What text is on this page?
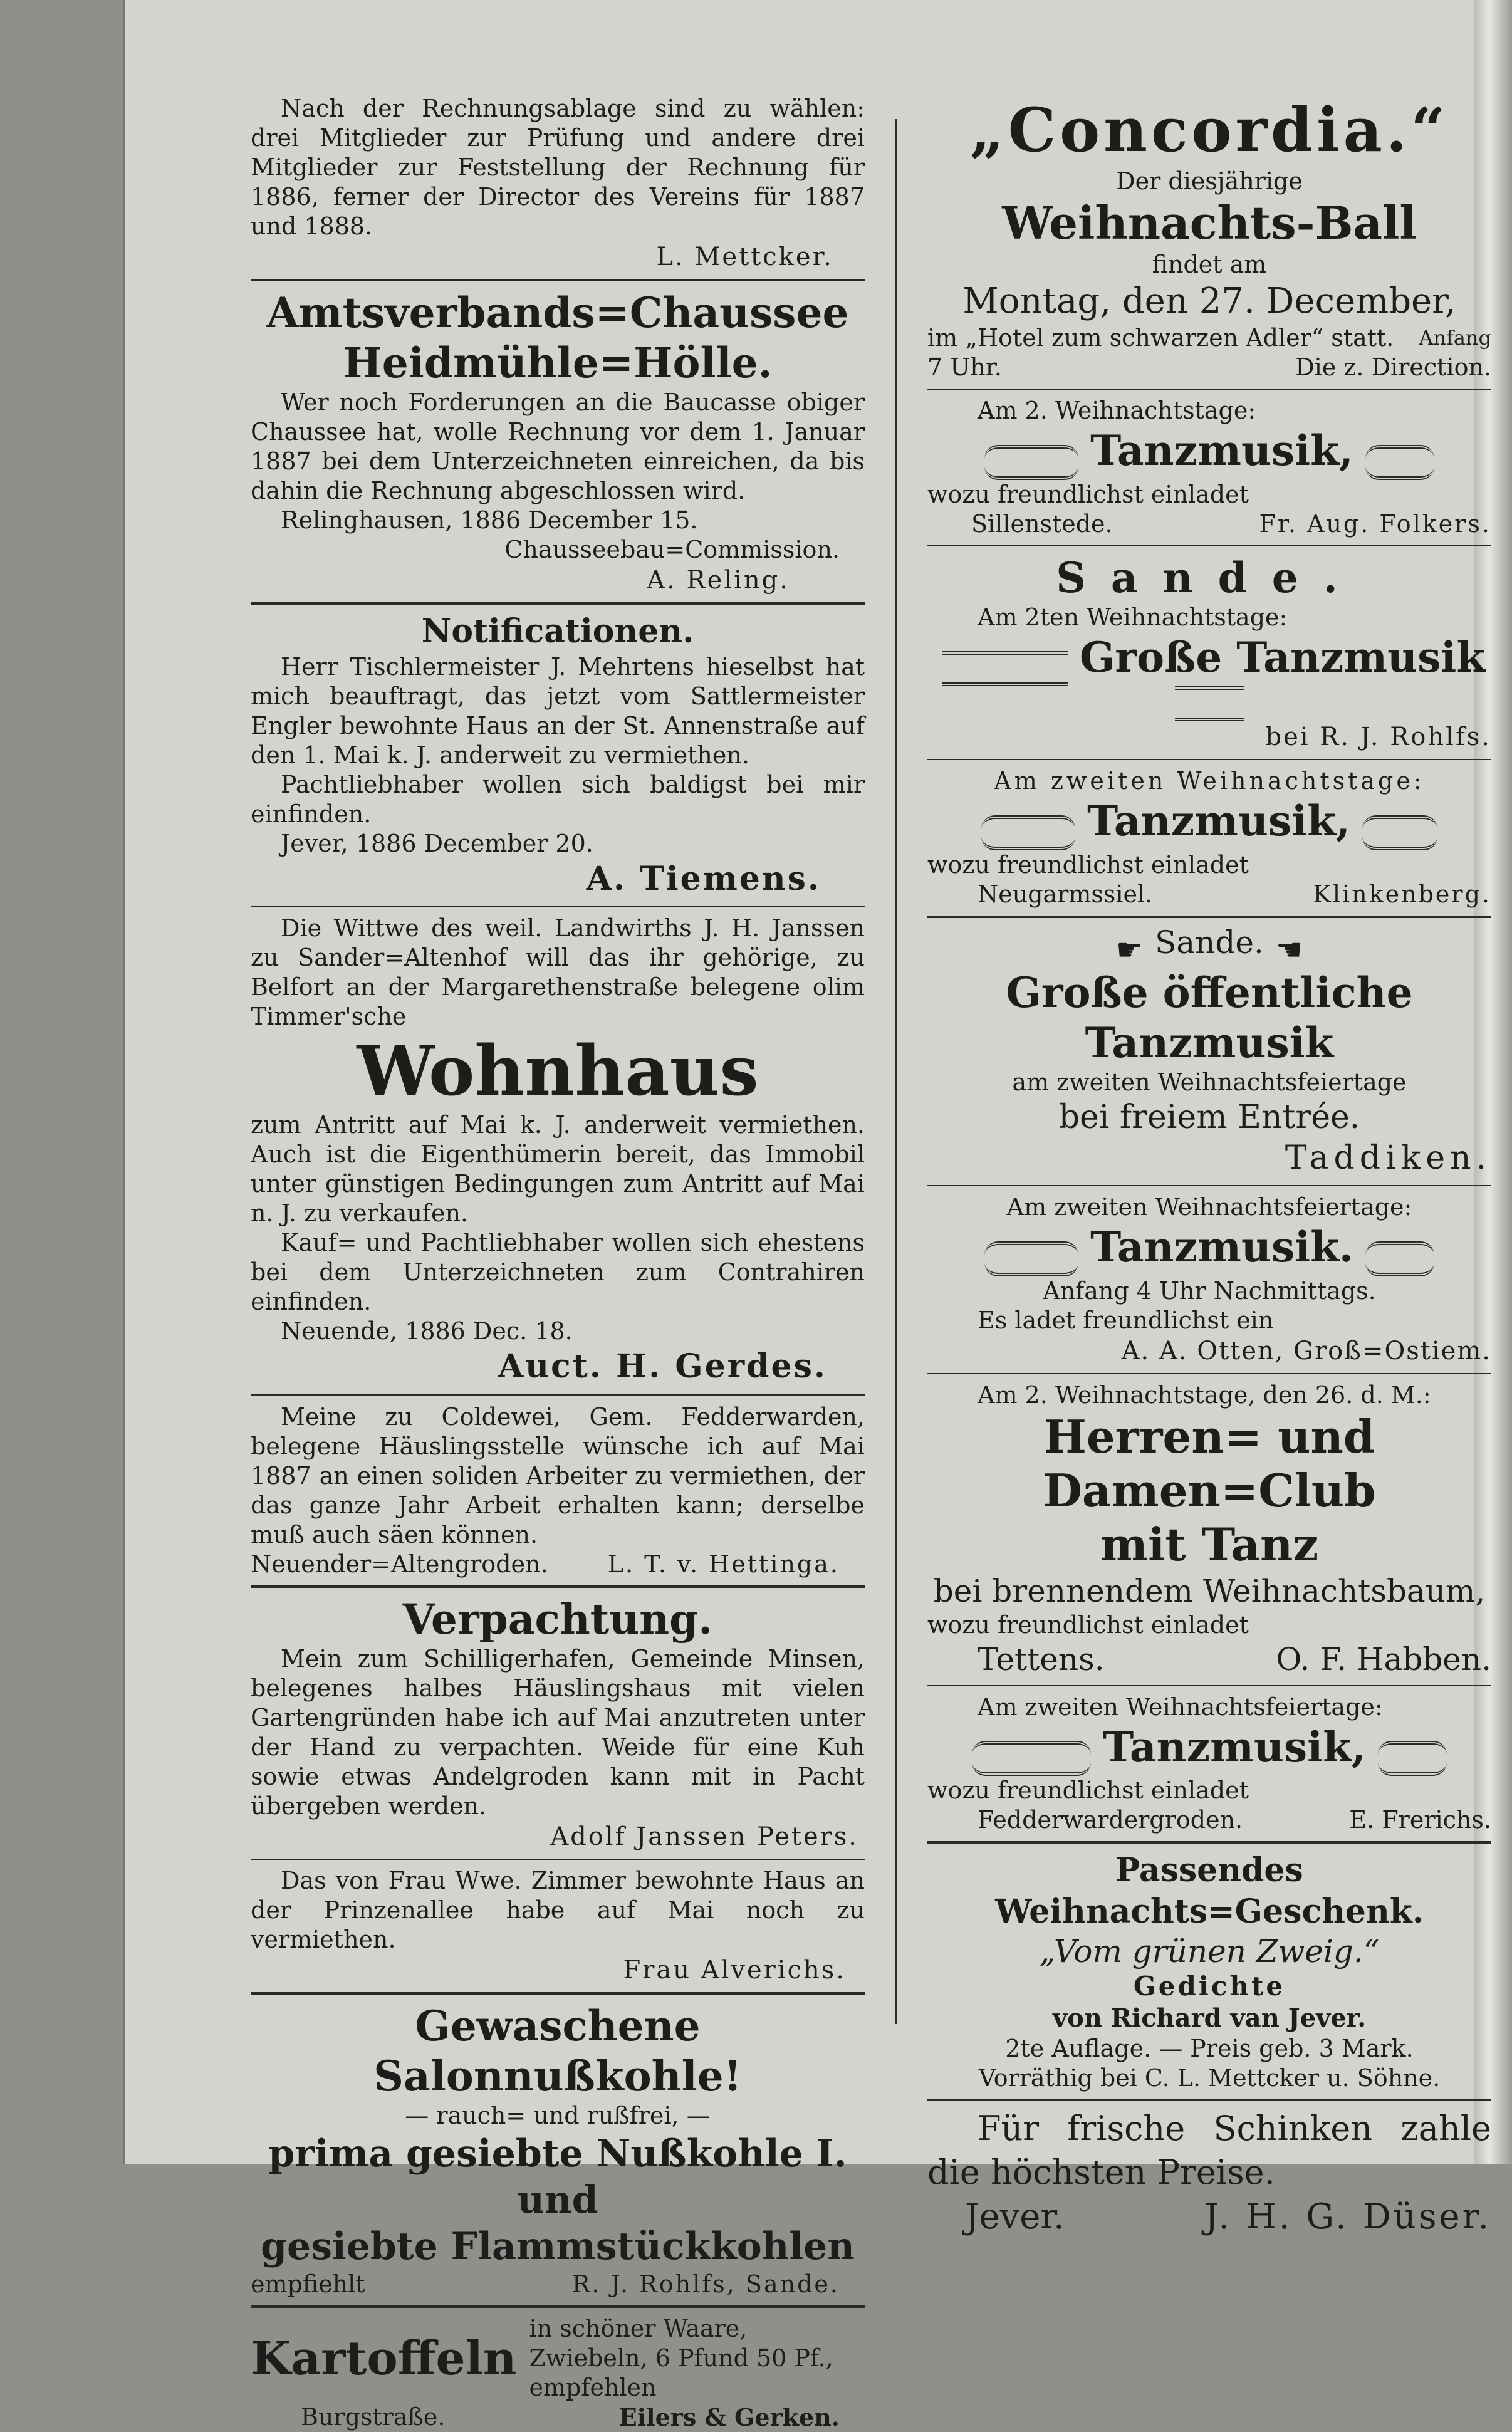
Nach der Rechnungsablage sind zu wählen: drei Mitglieder zur Prüfung und andere drei Mitglieder zur Feststellung der Rechnung für 1886, ferner der Director des Vereins für 1887 und 1888.

L. Mettcker.

Amtsverbands=Chaussee

Heidmühle=Hölle.

Wer noch Forderungen an die Baucasse obiger Chaussee hat, wolle Rechnung vor dem 1. Januar 1887 bei dem Unterzeichneten einreichen, da bis dahin die Rechnung abgeschlossen wird.

Relinghausen, 1886 December 15.

Chausseebau=Commission.

A. Reling.

Notificationen.

Herr Tischlermeister J. Mehrtens hieselbst hat mich beauftragt, das jetzt vom Sattlermeister Engler bewohnte Haus an der St. Annenstraße auf den 1. Mai k. J. anderweit zu vermiethen.

Pachtliebhaber wollen sich baldigst bei mir einfinden.

Jever, 1886 December 20.

A. Tiemens.

Die Wittwe des weil. Landwirths J. H. Janssen zu Sander=Altenhof will das ihr gehörige, zu Belfort an der Margarethenstraße belegene olim Timmer'sche

Wohnhaus

zum Antritt auf Mai k. J. anderweit vermiethen. Auch ist die Eigenthümerin bereit, das Immobil unter günstigen Bedingungen zum Antritt auf Mai n. J. zu verkaufen.

Kauf= und Pachtliebhaber wollen sich ehestens bei dem Unterzeichneten zum Contrahiren einfinden.

Neuende, 1886 Dec. 18.

Auct. H. Gerdes.

Meine zu Coldewei, Gem. Fedderwarden, belegene Häuslingsstelle wünsche ich auf Mai 1887 an einen soliden Arbeiter zu vermiethen, der das ganze Jahr Arbeit erhalten kann; derselbe muß auch säen können.

Neuender=Altengroden.	L. T. v. Hettinga.

Verpachtung.

Mein zum Schilligerhafen, Gemeinde Minsen, belegenes halbes Häuslingshaus mit vielen Gartengründen habe ich auf Mai anzutreten unter der Hand zu verpachten. Weide für eine Kuh sowie etwas Andelgroden kann mit in Pacht übergeben werden.

Adolf Janssen Peters.

Das von Frau Wwe. Zimmer bewohnte Haus an der Prinzenallee habe auf Mai noch zu vermiethen.

Frau Alverichs.

Gewaschene Salonnußkohle!

— rauch= und rußfrei, —

prima gesiebte Nußkohle I. und

gesiebte Flammstückkohlen

empfiehlt	R. J. Rohlfs, Sande.
Kartoffeln
in schöner Waare, Zwiebeln, 6 Pfund 50 Pf., empfehlen
Burgstraße.	Eilers & Gerken.

„Concordia.“

Der diesjährige

Weihnachts-Ball

findet am

Montag, den 27. December,

im „Hotel zum schwarzen Adler“ statt. Anfang
7 Uhr.	Die z. Direction.

Am 2. Weihnachtstage:

Tanzmusik,

wozu freundlichst einladet

Sillenstede.	Fr. Aug. Folkers.

Sande.

Am 2ten Weihnachtstage:

Große Tanzmusik

bei R. J. Rohlfs.

Am zweiten Weihnachtstage:

Tanzmusik,

wozu freundlichst einladet

Neugarmssiel.	Klinkenberg.

☛ Sande. ☚

Große öffentliche Tanzmusik

am zweiten Weihnachtsfeiertage

bei freiem Entrée.

Taddiken.

Am zweiten Weihnachtsfeiertage:

Tanzmusik.

Anfang 4 Uhr Nachmittags.

Es ladet freundlichst ein

A. A. Otten, Groß=Ostiem.

Am 2. Weihnachtstage, den 26. d. M.:

Herren= und Damen=Club

mit Tanz

bei brennendem Weihnachtsbaum,

wozu freundlichst einladet

Tettens.	O. F. Habben.

Am zweiten Weihnachtsfeiertage:

Tanzmusik,

wozu freundlichst einladet

Fedderwardergroden.	E. Frerichs.

Passendes Weihnachts=Geschenk.

„Vom grünen Zweig.“

Gedichte

von Richard van Jever.

2te Auflage. — Preis geb. 3 Mark.

Vorräthig bei C. L. Mettcker u. Söhne.

Für frische Schinken zahle die höchsten Preise.

Jever.	J. H. G. Düser.
